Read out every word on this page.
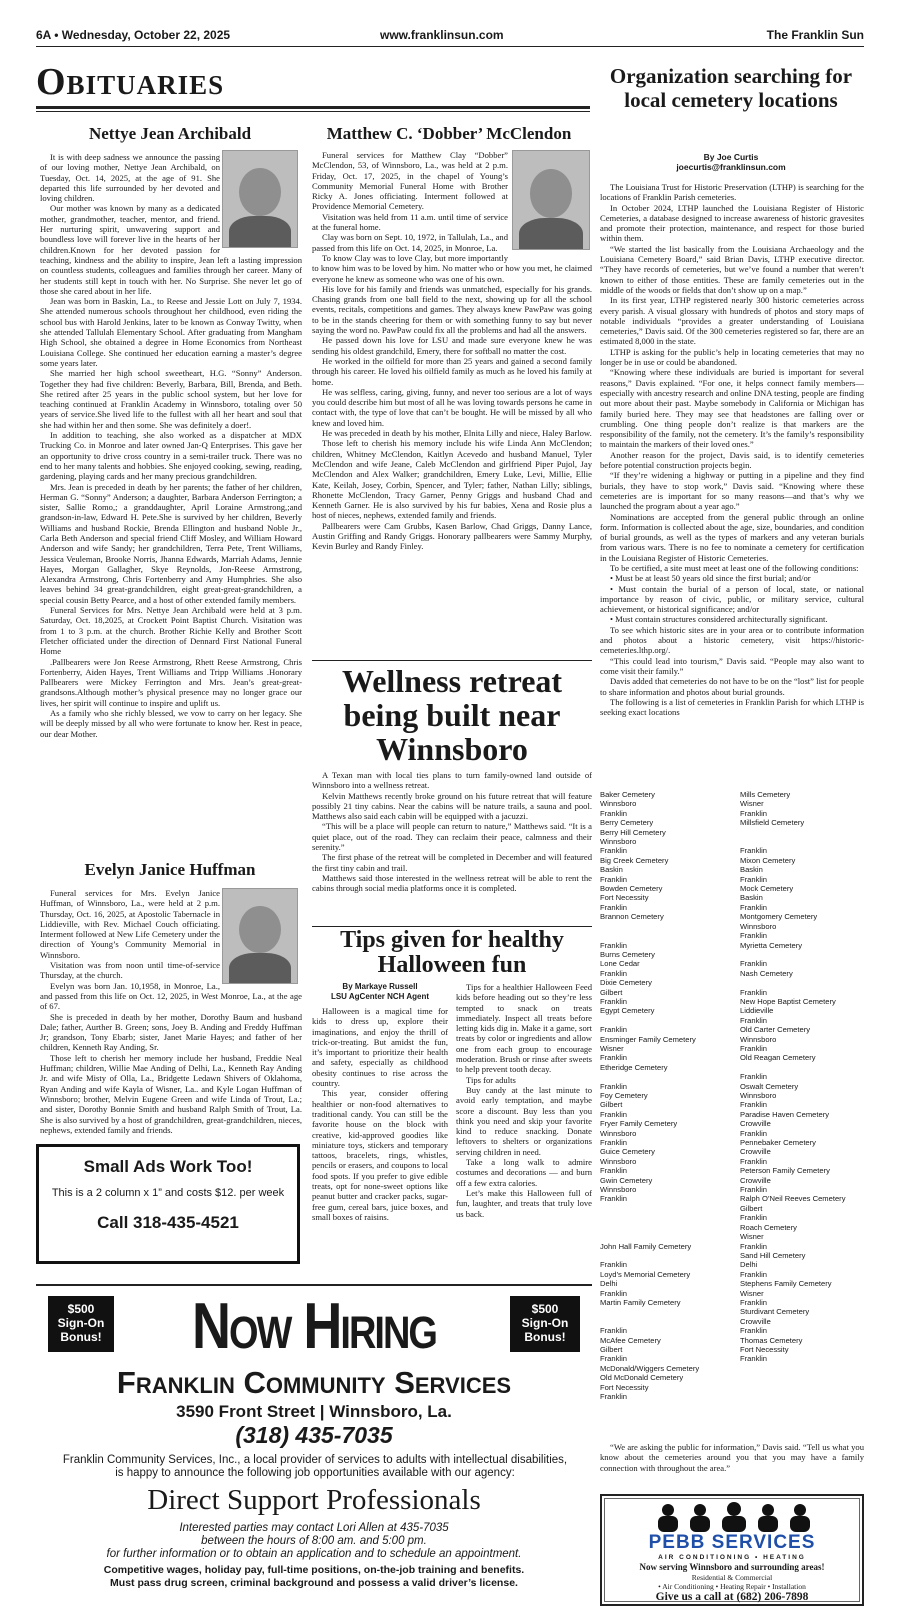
6A • Wednesday, October 22, 2025	www.franklinsun.com	The Franklin Sun
Obituaries
Nettye Jean Archibald

It is with deep sadness we announce the passing of our loving mother, Nettye Jean Archibald, on Tuesday, Oct. 14, 2025, at the age of 91. She departed this life surrounded by her devoted and loving children.

Our mother was known by many as a dedicated mother, grandmother, teacher, mentor, and friend. Her nurturing spirit, unwavering support and boundless love will forever live in the hearts of her children.Known for her devoted passion for teaching, kindness and the ability to inspire, Jean left a lasting impression on countless students, colleagues and families through her career. Many of her students still kept in touch with her. No Surprise. She never let go of those she cared about in her life.

Jean was born in Baskin, La., to Reese and Jessie Lott on July 7, 1934. She attended numerous schools throughout her childhood, even riding the school bus with Harold Jenkins, later to be known as Conway Twitty, when she attended Tallulah Elementary School. After graduating from Mangham High School, she obtained a degree in Home Economics from Northeast Louisiana College. She continued her education earning a master’s degree some years later.

She married her high school sweetheart, H.G. “Sonny” Anderson. Together they had five children: Beverly, Barbara, Bill, Brenda, and Beth. She retired after 25 years in the public school system, but her love for teaching continued at Franklin Academy in Winnsboro, totaling over 50 years of service.She lived life to the fullest with all her heart and soul that she had within her and then some. She was definitely a doer!.

In addition to teaching, she also worked as a dispatcher at MDX Trucking Co. in Monroe and later owned Jan-Q Enterprises. This gave her an opportunity to drive cross country in a semi-trailer truck. There was no end to her many talents and hobbies. She enjoyed cooking, sewing, reading, gardening, playing cards and her many precious grandchildren.

Mrs. Jean is preceded in death by her parents; the father of her children, Herman G. “Sonny” Anderson; a daughter, Barbara Anderson Ferrington; a sister, Sallie Romo,; a granddaughter, April Loraine Armstrong,;and grandson-in-law, Edward H. Pete.She is survived by her children, Beverly Williams and husband Rockie, Brenda Ellington and husband Noble Jr., Carla Beth Anderson and special friend Cliff Mosley, and William Howard Anderson and wife Sandy; her grandchildren, Terra Pete, Trent Williams, Jessica Veuleman, Brooke Norris, Jhanna Edwards, Marriah Adams, Jennie Hayes, Morgan Gallagher, Skye Reynolds, Jon-Reese Armstrong, Alexandra Armstrong, Chris Fortenberry and Amy Humphries. She also leaves behind 34 great-grandchildren, eight great-great-grandchildren, a special cousin Betty Pearce, and a host of other extended family members.

Funeral Services for Mrs. Nettye Jean Archibald were held at 3 p.m. Saturday, Oct. 18,2025, at Crockett Point Baptist Church. Visitation was from 1 to 3 p.m. at the church. Brother Richie Kelly and Brother Scott Fletcher officiated under the direction of Dennard First National Funeral Home

.Pallbearers were Jon Reese Armstrong, Rhett Reese Armstrong, Chris Fortenberry, Aiden Hayes, Trent Williams and Tripp Williams .Honorary Pallbearers were Mickey Ferrington and Mrs. Jean’s great-great-grandsons.Although mother’s physical presence may no longer grace our lives, her spirit will continue to inspire and uplift us.

As a family who she richly blessed, we vow to carry on her legacy. She will be deeply missed by all who were fortunate to know her. Rest in peace, our dear Mother.

Evelyn Janice Huffman

Funeral services for Mrs. Evelyn Janice Huffman, of Winnsboro, La., were held at 2 p.m. Thursday, Oct. 16, 2025, at Apostolic Tabernacle in Liddieville, with Rev. Michael Couch officiating. Interment followed at New Life Cemetery under the direction of Young’s Community Memorial in Winnsboro.

Visitation was from noon until time-of-service Thursday, at the church.

Evelyn was born Jan. 10,1958, in Monroe, La., and passed from this life on Oct. 12, 2025, in West Monroe, La., at the age of 67.

She is preceded in death by her mother, Dorothy Baum and husband Dale; father, Aurther B. Green; sons, Joey B. Anding and Freddy Huffman Jr; grandson, Tony Ebarb; sister, Janet Marie Hayes; and father of her children, Kenneth Ray Anding, Sr.

Those left to cherish her memory include her husband, Freddie Neal Huffman; children, Willie Mae Anding of Delhi, La., Kenneth Ray Anding Jr. and wife Misty of Olla, La., Bridgette Ledawn Shivers of Oklahoma, Ryan Anding and wife Kayla of Wisner, La.. and Kyle Logan Huffman of Winnsboro; brother, Melvin Eugene Green and wife Linda of Trout, La.; and sister, Dorothy Bonnie Smith and husband Ralph Smith of Trout, La. She is also survived by a host of grandchildren, great-grandchildren, nieces, nephews, extended family and friends.

Matthew C. ‘Dobber’ McClendon

Funeral services for Matthew Clay “Dobber” McClendon, 53, of Winnsboro, La., was held at 2 p.m. Friday, Oct. 17, 2025, in the chapel of Young’s Community Memorial Funeral Home with Brother Ricky A. Jones officiating. Interment followed at Providence Memorial Cemetery.

Visitation was held from 11 a.m. until time of service at the funeral home.

Clay was born on Sept. 10, 1972, in Tallulah, La., and passed from this life on Oct. 14, 2025, in Monroe, La.

To know Clay was to love Clay, but more importantly to know him was to be loved by him. No matter who or how you met, he claimed everyone he knew as someone who was one of his own.

His love for his family and friends was unmatched, especially for his grands. Chasing grands from one ball field to the next, showing up for all the school events, recitals, competitions and games. They always knew PawPaw was going to be in the stands cheering for them or with something funny to say but never saying the word no. PawPaw could fix all the problems and had all the answers.

He passed down his love for LSU and made sure everyone knew he was sending his oldest grandchild, Emery, there for softball no matter the cost.

He worked in the oilfield for more than 25 years and gained a second family through his career. He loved his oilfield family as much as he loved his family at home.

He was selfless, caring, giving, funny, and never too serious are a lot of ways you could describe him but most of all he was loving towards persons he came in contact with, the type of love that can’t be bought. He will be missed by all who knew and loved him.

He was preceded in death by his mother, Elnita Lilly and niece, Haley Barlow.

Those left to cherish his memory include his wife Linda Ann McClendon; children, Whitney McClendon, Kaitlyn Acevedo and husband Manuel, Tyler McClendon and wife Jeane, Caleb McClendon and girlfriend Piper Pujol, Jay McClendon and Alex Walker; grandchildren, Emery Luke, Levi, Millie, Ellie Kate, Keilah, Josey, Corbin, Spencer, and Tyler; father, Nathan Lilly; siblings, Rhonette McClendon, Tracy Garner, Penny Griggs and husband Chad and Kenneth Garner. He is also survived by his fur babies, Xena and Rosie plus a host of nieces, nephews, extended family and friends.

Pallbearers were Cam Grubbs, Kasen Barlow, Chad Griggs, Danny Lance, Austin Griffing and Randy Griggs. Honorary pallbearers were Sammy Murphy, Kevin Burley and Randy Finley.

Wellness retreat being built near Winnsboro

A Texan man with local ties plans to turn family-owned land outside of Winnsboro into a wellness retreat.

Kelvin Matthews recently broke ground on his future retreat that will feature possibly 21 tiny cabins. Near the cabins will be nature trails, a sauna and pool. Matthews also said each cabin will be equipped with a jacuzzi.

“This will be a place will people can return to nature,” Matthews said. “It is a quiet place, out of the road. They can reclaim their peace, calmness and their serenity.”

The first phase of the retreat will be completed in December and will featured the first tiny cabin and trail.

Matthews said those interested in the wellness retreat will be able to rent the cabins through social media platforms once it is completed.

Tips given for healthy Halloween fun
By Markaye Russell
LSU AgCenter NCH Agent

Halloween is a magical time for kids to dress up, explore their imaginations, and enjoy the thrill of trick-or-treating. But amidst the fun, it’s important to prioritize their health and safety, especially as childhood obesity continues to rise across the country.

This year, consider offering healthier or non-food alternatives to traditional candy. You can still be the favorite house on the block with creative, kid-approved goodies like miniature toys, stickers and temporary tattoos, bracelets, rings, whistles, pencils or erasers, and coupons to local food spots. If you prefer to give edible treats, opt for none-sweet options like peanut butter and cracker packs, sugar-free gum, cereal bars, juice boxes, and small boxes of raisins.

Tips for a healthier Halloween Feed kids before heading out so they’re less tempted to snack on treats immediately. Inspect all treats before letting kids dig in. Make it a game, sort treats by color or ingredients and allow one from each group to encourage moderation. Brush or rinse after sweets to help prevent tooth decay.

Tips for adults

Buy candy at the last minute to avoid early temptation, and maybe score a discount. Buy less than you think you need and skip your favorite kind to reduce snacking. Donate leftovers to shelters or organizations serving children in need.

Take a long walk to admire costumes and decorations — and burn off a few extra calories.

Let’s make this Halloween full of fun, laughter, and treats that truly love us back.

Small Ads Work Too!
This is a 2 column x 1” and costs $12. per week
Call 318-435-4521
$500
Sign-On
Bonus!
$500
Sign-On
Bonus!
Now Hiring
Franklin Community Services
3590 Front Street | Winnsboro, La.
(318) 435-7035
Franklin Community Services, Inc., a local provider of services to adults with intellectual disabilities, is happy to announce the following job opportunities available with our agency:
Direct Support Professionals
Interested parties may contact Lori Allen at 435-7035
between the hours of 8:00 am. and 5:00 pm.
for further information or to obtain an application and to schedule an appointment.
Competitive wages, holiday pay, full-time positions, on-the-job training and benefits.
Must pass drug screen, criminal background and possess a valid driver’s license.
Organization searching for local cemetery locations
By Joe Curtis
joecurtis@franklinsun.com

The Louisiana Trust for Historic Preservation (LTHP) is searching for the locations of Franklin Parish cemeteries.

In October 2024, LTHP launched the Louisiana Register of Historic Cemeteries, a database designed to increase awareness of historic gravesites and promote their protection, maintenance, and respect for those buried within them.

“We started the list basically from the Louisiana Archaeology and the Louisiana Cemetery Board,” said Brian Davis, LTHP executive director. “They have records of cemeteries, but we’ve found a number that weren’t known to either of those entities. These are family cemeteries out in the middle of the woods or fields that don’t show up on a map.”

In its first year, LTHP registered nearly 300 historic cemeteries across every parish. A visual glossary with hundreds of photos and story maps of notable individuals “provides a greater understanding of Louisiana cemeteries,” Davis said. Of the 300 cemeteries registered so far, there are an estimated 8,000 in the state.

LTHP is asking for the public’s help in locating cemeteries that may no longer be in use or could be abandoned.

“Knowing where these individuals are buried is important for several reasons,” Davis explained. “For one, it helps connect family members—especially with ancestry research and online DNA testing, people are finding out more about their past. Maybe somebody in California or Michigan has family buried here. They may see that headstones are falling over or crumbling. One thing people don’t realize is that markers are the responsibility of the family, not the cemetery. It’s the family’s responsibility to maintain the markers of their loved ones.”

Another reason for the project, Davis said, is to identify cemeteries before potential construction projects begin.

“If they’re widening a highway or putting in a pipeline and they find burials, they have to stop work,” Davis said. “Knowing where these cemeteries are is important for so many reasons—and that’s why we launched the program about a year ago.”

Nominations are accepted from the general public through an online form. Information is collected about the age, size, boundaries, and condition of burial grounds, as well as the types of markers and any veteran burials from various wars. There is no fee to nominate a cemetery for certification in the Louisiana Register of Historic Cemeteries.

To be certified, a site must meet at least one of the following conditions:

• Must be at least 50 years old since the first burial; and/or

• Must contain the burial of a person of local, state, or national importance by reason of civic, public, or military service, cultural achievement, or historical significance; and/or

• Must contain structures considered architecturally significant.

To see which historic sites are in your area or to contribute information and photos about a historic cemetery, visit https://historic-cemeteries.lthp.org/.

“This could lead into tourism,” Davis said. “People may also want to come visit their family.”

Davis added that cemeteries do not have to be on the “lost” list for people to share information and photos about burial grounds.

The following is a list of cemeteries in Franklin Parish for which LTHP is seeking exact locations

Baker Cemetery
Winnsboro
Franklin
Berry Cemetery
Berry Hill Cemetery
Winnsboro
Franklin
Big Creek Cemetery
Baskin
Franklin
Bowden Cemetery
Fort Necessity
Franklin
Brannon Cemetery

Franklin
Burns Cemetery
Lone Cedar
Franklin
Dixie Cemetery
Gilbert
Franklin
Egypt Cemetery

Franklin
Ensminger Family Cemetery
Wisner
Franklin
Etheridge Cemetery

Franklin
Foy Cemetery
Gilbert
Franklin
Fryer Family Cemetery
Winnsboro
Franklin
Guice Cemetery
Winnsboro
Franklin
Gwin Cemetery
Winnsboro
Franklin

John Hall Family Cemetery

Franklin
Loyd’s Memorial Cemetery
Delhi
Franklin
Martin Family Cemetery

Franklin
McAfee Cemetery
Gilbert
Franklin
McDonald/Wiggers Cemetery
Old McDonald Cemetery
Fort Necessity
Franklin
Mills Cemetery
Wisner
Franklin
Millsfield Cemetery

Franklin
Mixon Cemetery
Baskin
Franklin
Mock Cemetery
Baskin
Franklin
Montgomery Cemetery
Winnsboro
Franklin
Myrietta Cemetery

Franklin
Nash Cemetery

Franklin
New Hope Baptist Cemetery
Liddieville
Franklin
Old Carter Cemetery
Winnsboro
Franklin
Old Reagan Cemetery

Franklin
Oswalt Cemetery
Winnsboro
Franklin
Paradise Haven Cemetery
Crowville
Franklin
Pennebaker Cemetery
Crowville
Franklin
Peterson Family Cemetery
Crowville
Franklin
Ralph O’Neil Reeves Cemetery
Gilbert
Franklin
Roach Cemetery
Wisner
Franklin
Sand Hill Cemetery
Delhi
Franklin
Stephens Family Cemetery
Wisner
Franklin
Sturdivant Cemetery
Crowville
Franklin
Thomas Cemetery
Fort Necessity
Franklin

“We are asking the public for information,” Davis said. “Tell us what you know about the cemeteries around you that you may have a family connection with throughout the area.”

PEBB SERVICES
AIR CONDITIONING • HEATING
Now serving Winnsboro and surrounding areas!
Residential & Commercial
• Air Conditioning • Heating Repair • Installation
Give us a call at (682) 206-7898
